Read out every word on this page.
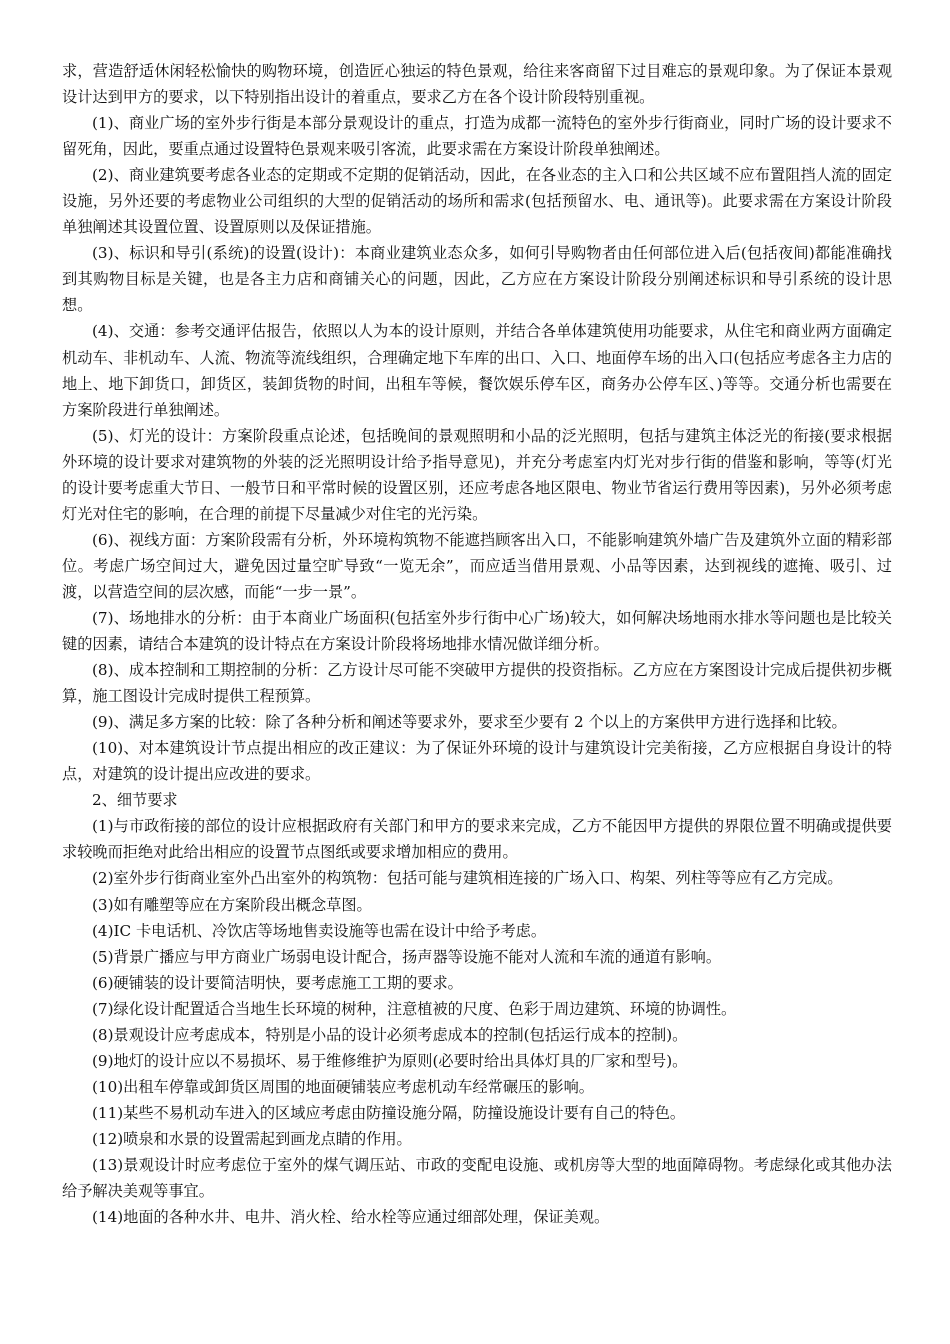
求，营造舒适休闲轻松愉快的购物环境，创造匠心独运的特色景观，给往来客商留下过目难忘的景观印象。为了保证本景观设计达到甲方的要求，以下特别指出设计的着重点，要求乙方在各个设计阶段特别重视。

(1)、商业广场的室外步行街是本部分景观设计的重点，打造为成都一流特色的室外步行街商业，同时广场的设计要求不留死角，因此，要重点通过设置特色景观来吸引客流，此要求需在方案设计阶段单独阐述。

(2)、商业建筑要考虑各业态的定期或不定期的促销活动，因此，在各业态的主入口和公共区域不应布置阻挡人流的固定设施，另外还要的考虑物业公司组织的大型的促销活动的场所和需求(包括预留水、电、通讯等)。此要求需在方案设计阶段单独阐述其设置位置、设置原则以及保证措施。

(3)、标识和导引(系统)的设置(设计)：本商业建筑业态众多，如何引导购物者由任何部位进入后(包括夜间)都能准确找到其购物目标是关键，也是各主力店和商铺关心的问题，因此，乙方应在方案设计阶段分别阐述标识和导引系统的设计思想。

(4)、交通：参考交通评估报告，依照以人为本的设计原则，并结合各单体建筑使用功能要求，从住宅和商业两方面确定机动车、非机动车、人流、物流等流线组织，合理确定地下车库的出口、入口、地面停车场的出入口(包括应考虑各主力店的地上、地下卸货口，卸货区，装卸货物的时间，出租车等候，餐饮娱乐停车区，商务办公停车区、)等等。交通分析也需要在方案阶段进行单独阐述。

(5)、灯光的设计：方案阶段重点论述，包括晚间的景观照明和小品的泛光照明，包括与建筑主体泛光的衔接(要求根据外环境的设计要求对建筑物的外装的泛光照明设计给予指导意见)，并充分考虑室内灯光对步行街的借鉴和影响，等等(灯光的设计要考虑重大节日、一般节日和平常时候的设置区别，还应考虑各地区限电、物业节省运行费用等因素)，另外必须考虑灯光对住宅的影响，在合理的前提下尽量减少对住宅的光污染。

(6)、视线方面：方案阶段需有分析，外环境构筑物不能遮挡顾客出入口，不能影响建筑外墙广告及建筑外立面的精彩部位。考虑广场空间过大，避免因过量空旷导致“一览无余”，而应适当借用景观、小品等因素，达到视线的遮掩、吸引、过渡，以营造空间的层次感，而能“一步一景”。

(7)、场地排水的分析：由于本商业广场面积(包括室外步行街中心广场)较大，如何解决场地雨水排水等问题也是比较关键的因素，请结合本建筑的设计特点在方案设计阶段将场地排水情况做详细分析。

(8)、成本控制和工期控制的分析：乙方设计尽可能不突破甲方提供的投资指标。乙方应在方案图设计完成后提供初步概算，施工图设计完成时提供工程预算。

(9)、满足多方案的比较：除了各种分析和阐述等要求外，要求至少要有 2 个以上的方案供甲方进行选择和比较。

(10)、对本建筑设计节点提出相应的改正建议：为了保证外环境的设计与建筑设计完美衔接，乙方应根据自身设计的特点，对建筑的设计提出应改进的要求。

2、细节要求

(1)与市政衔接的部位的设计应根据政府有关部门和甲方的要求来完成，乙方不能因甲方提供的界限位置不明确或提供要求较晚而拒绝对此给出相应的设置节点图纸或要求增加相应的费用。

(2)室外步行街商业室外凸出室外的构筑物：包括可能与建筑相连接的广场入口、构架、列柱等等应有乙方完成。

(3)如有雕塑等应在方案阶段出概念草图。

(4)IC 卡电话机、冷饮店等场地售卖设施等也需在设计中给予考虑。

(5)背景广播应与甲方商业广场弱电设计配合，扬声器等设施不能对人流和车流的通道有影响。

(6)硬铺装的设计要简洁明快，要考虑施工工期的要求。

(7)绿化设计配置适合当地生长环境的树种，注意植被的尺度、色彩于周边建筑、环境的协调性。

(8)景观设计应考虑成本，特别是小品的设计必须考虑成本的控制(包括运行成本的控制)。

(9)地灯的设计应以不易损坏、易于维修维护为原则(必要时给出具体灯具的厂家和型号)。

(10)出租车停靠或卸货区周围的地面硬铺装应考虑机动车经常碾压的影响。

(11)某些不易机动车进入的区域应考虑由防撞设施分隔，防撞设施设计要有自己的特色。

(12)喷泉和水景的设置需起到画龙点睛的作用。

(13)景观设计时应考虑位于室外的煤气调压站、市政的变配电设施、或机房等大型的地面障碍物。考虑绿化或其他办法给予解决美观等事宜。

(14)地面的各种水井、电井、消火栓、给水栓等应通过细部处理，保证美观。
